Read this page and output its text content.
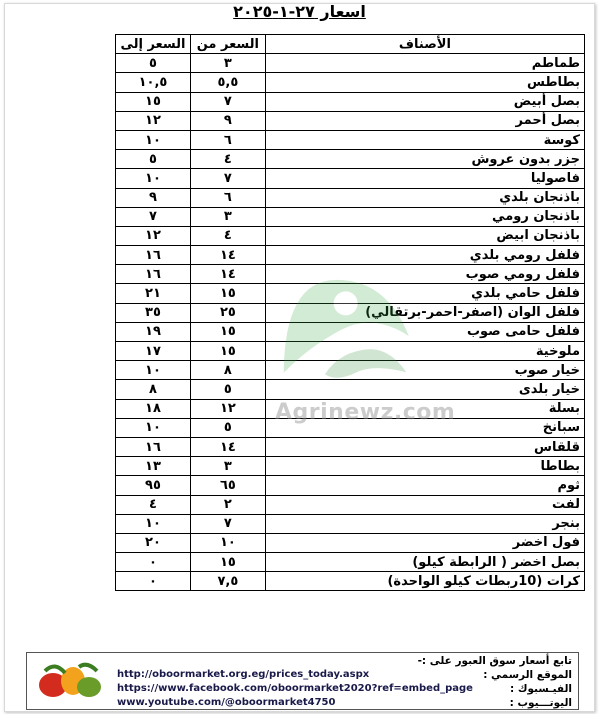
اسعار ٢٧-١-٢٠٢٥
الأصناف	السعر من	السعر إلى
طماطم	٣	٥
بطاطس	٥,٥	١٠,٥
بصل أبيض	٧	١٥
بصل أحمر	٩	١٢
كوسة	٦	١٠
جزر بدون عروش	٤	٥
فاصوليا	٧	١٠
باذنجان بلدي	٦	٩
باذنجان رومي	٣	٧
باذنجان ابيض	٤	١٢
فلفل رومي بلدي	١٤	١٦
فلفل رومي صوب	١٤	١٦
فلفل حامي بلدي	١٥	٢١
فلفل الوان (اصفر-احمر-برتقالي)	٢٥	٣٥
فلفل حامى صوب	١٥	١٩
ملوخية	١٥	١٧
خيار صوب	٨	١٠
خيار بلدى	٥	٨
بسلة	١٢	١٨
سبانخ	٥	١٠
قلقاس	١٤	١٦
بطاطا	٣	١٣
ثوم	٦٥	٩٥
لفت	٢	٤
بنجر	٧	١٠
فول اخضر	١٠	٢٠
بصل اخضر ( الرابطة كيلو)	١٥	٠
كرات (10ربطات كيلو الواحدة)	٧,٥	٠
Agrinewz.com
http://oboormarket.org.eg/prices_today.aspx
https://www.facebook.com/oboormarket2020?ref=embed_page
www.youtube.com/@oboormarket4750
تابع أسعار سوق العبور على :-
الموقع الرسمي :
الفيـسبوك :
اليوتـــيوب :
